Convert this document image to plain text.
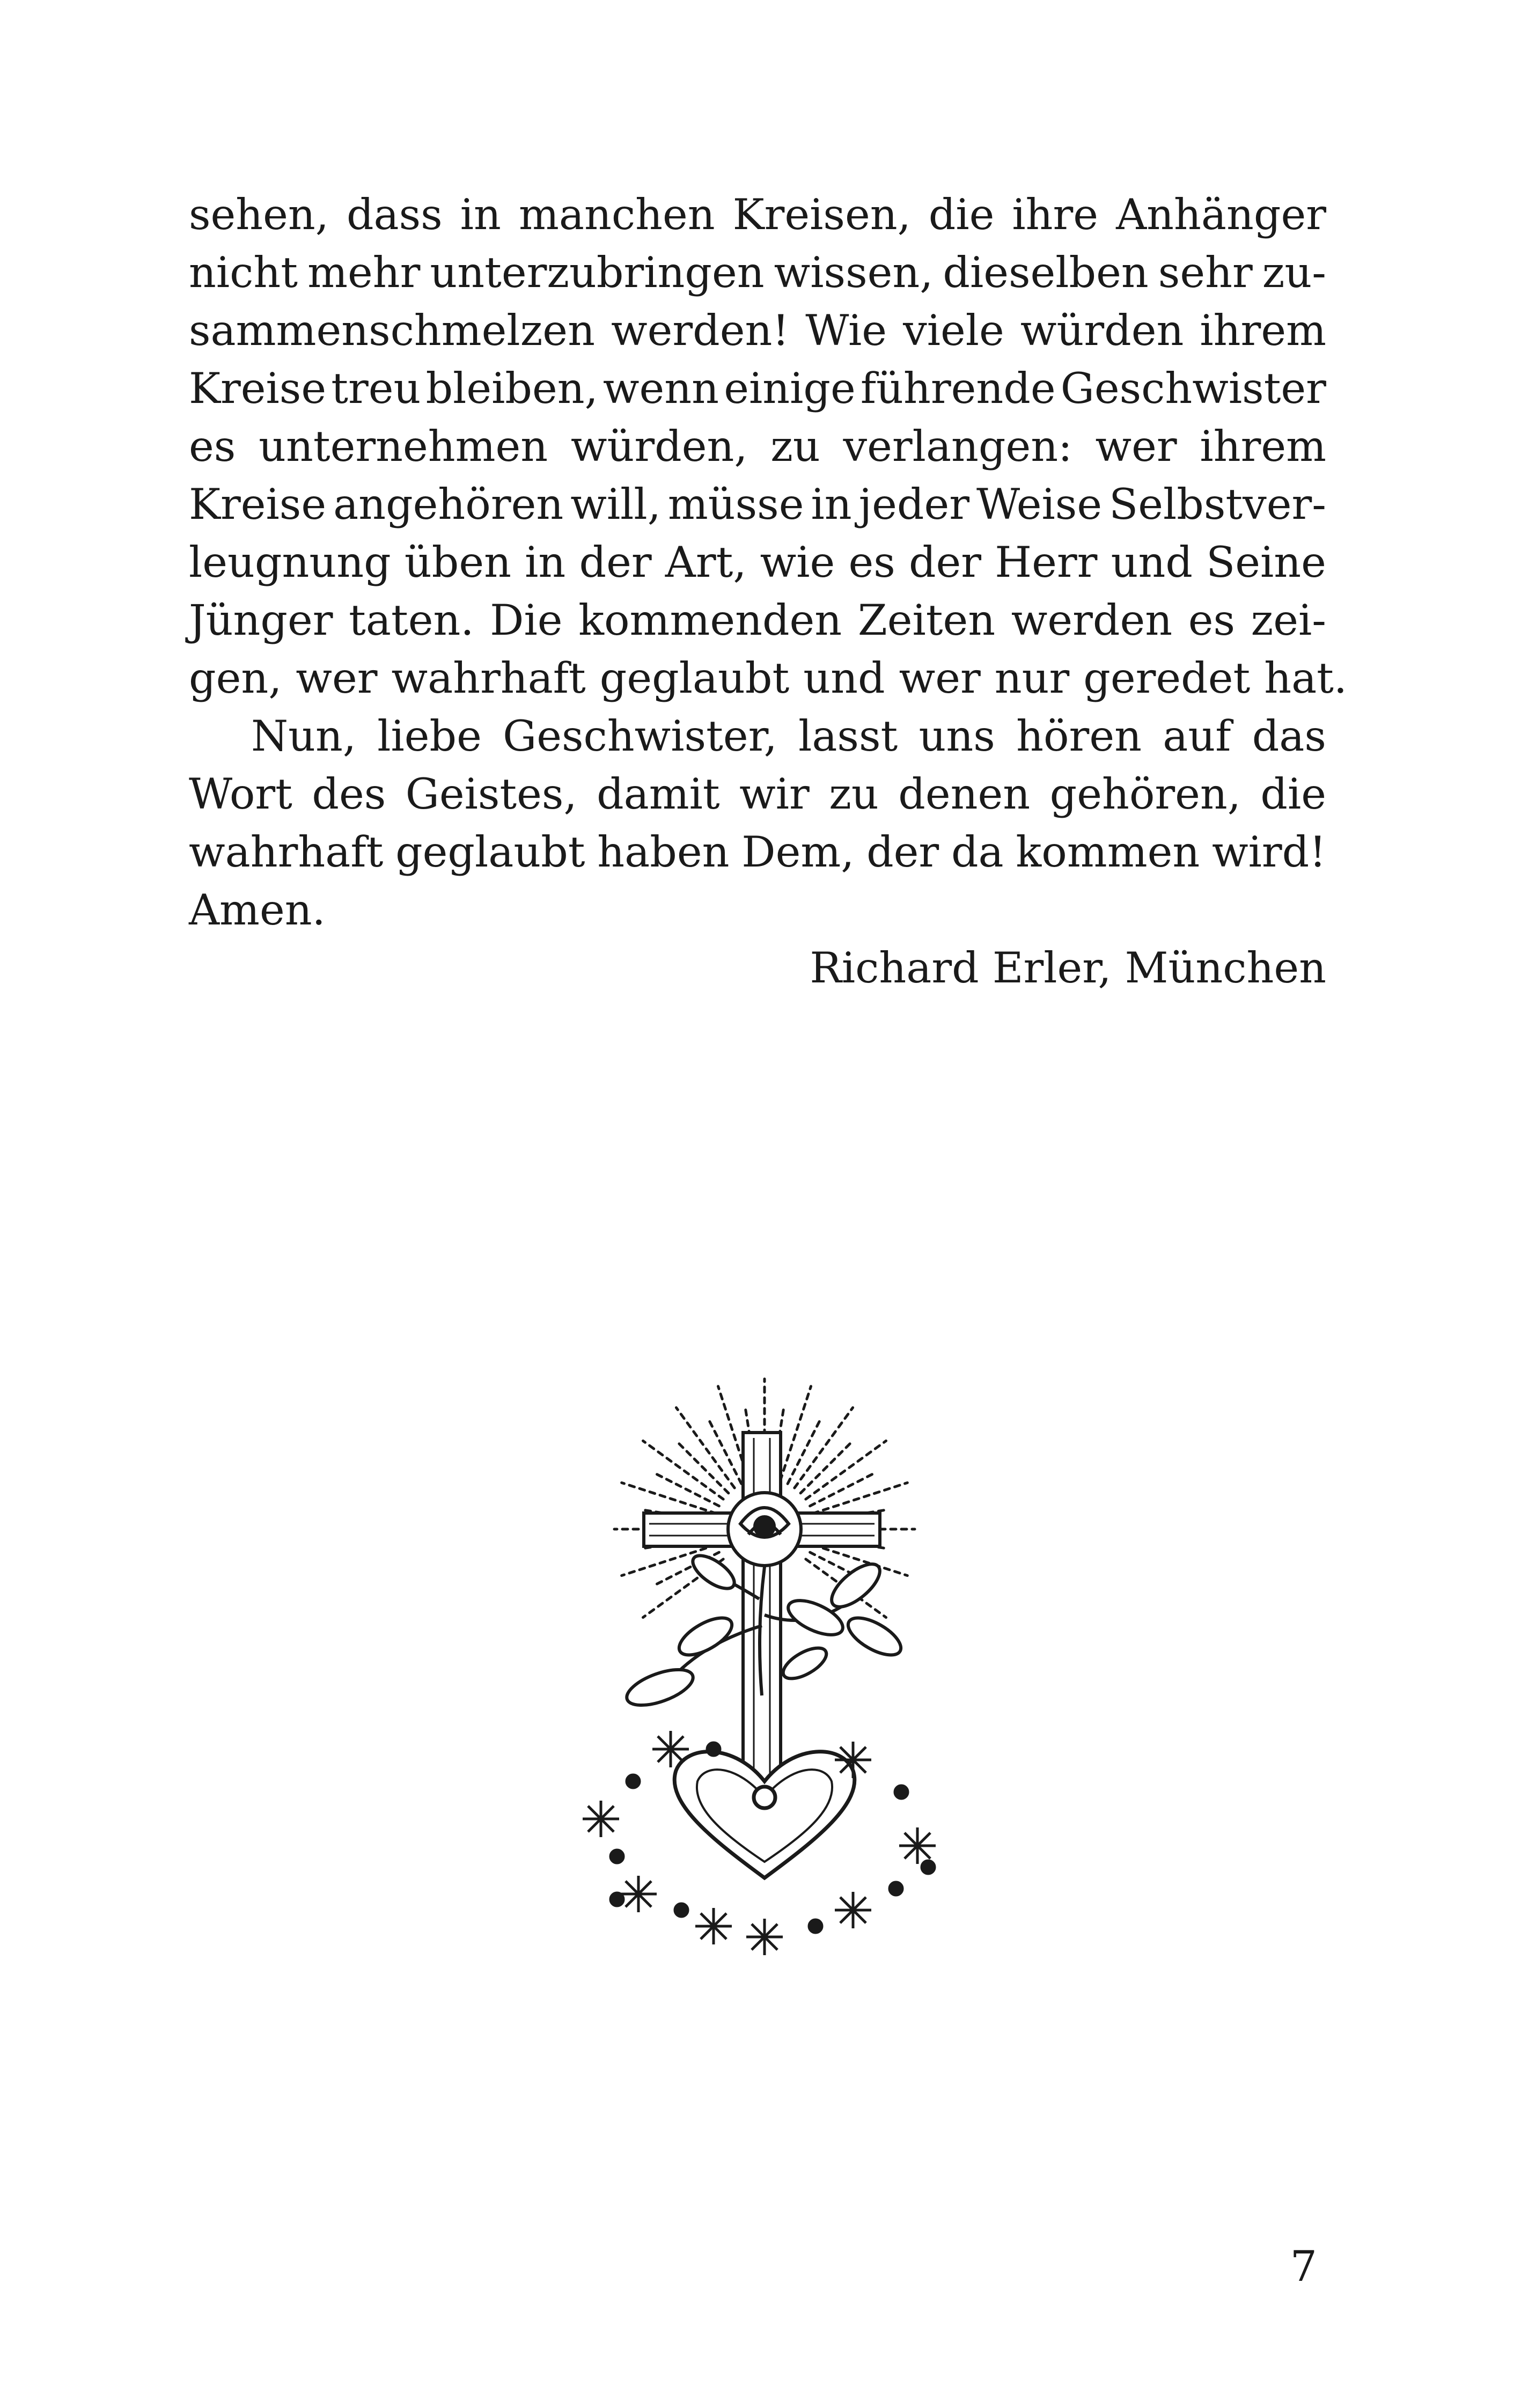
sehen, dass in manchen Kreisen, die ihre Anhänger
nicht mehr unterzubringen wissen, dieselben sehr zu-
sammenschmelzen werden! Wie viele würden ihrem
Kreise treu bleiben, wenn einige führende Geschwister
es unternehmen würden, zu verlangen: wer ihrem
Kreise angehören will, müsse in jeder Weise Selbstver-
leugnung üben in der Art, wie es der Herr und Seine
Jünger taten. Die kommenden Zeiten werden es zei-
gen, wer wahrhaft geglaubt und wer nur geredet hat.
Nun, liebe Geschwister, lasst uns hören auf das
Wort des Geistes, damit wir zu denen gehören, die
wahrhaft geglaubt haben Dem, der da kommen wird!
Amen.
Richard Erler, München
7
